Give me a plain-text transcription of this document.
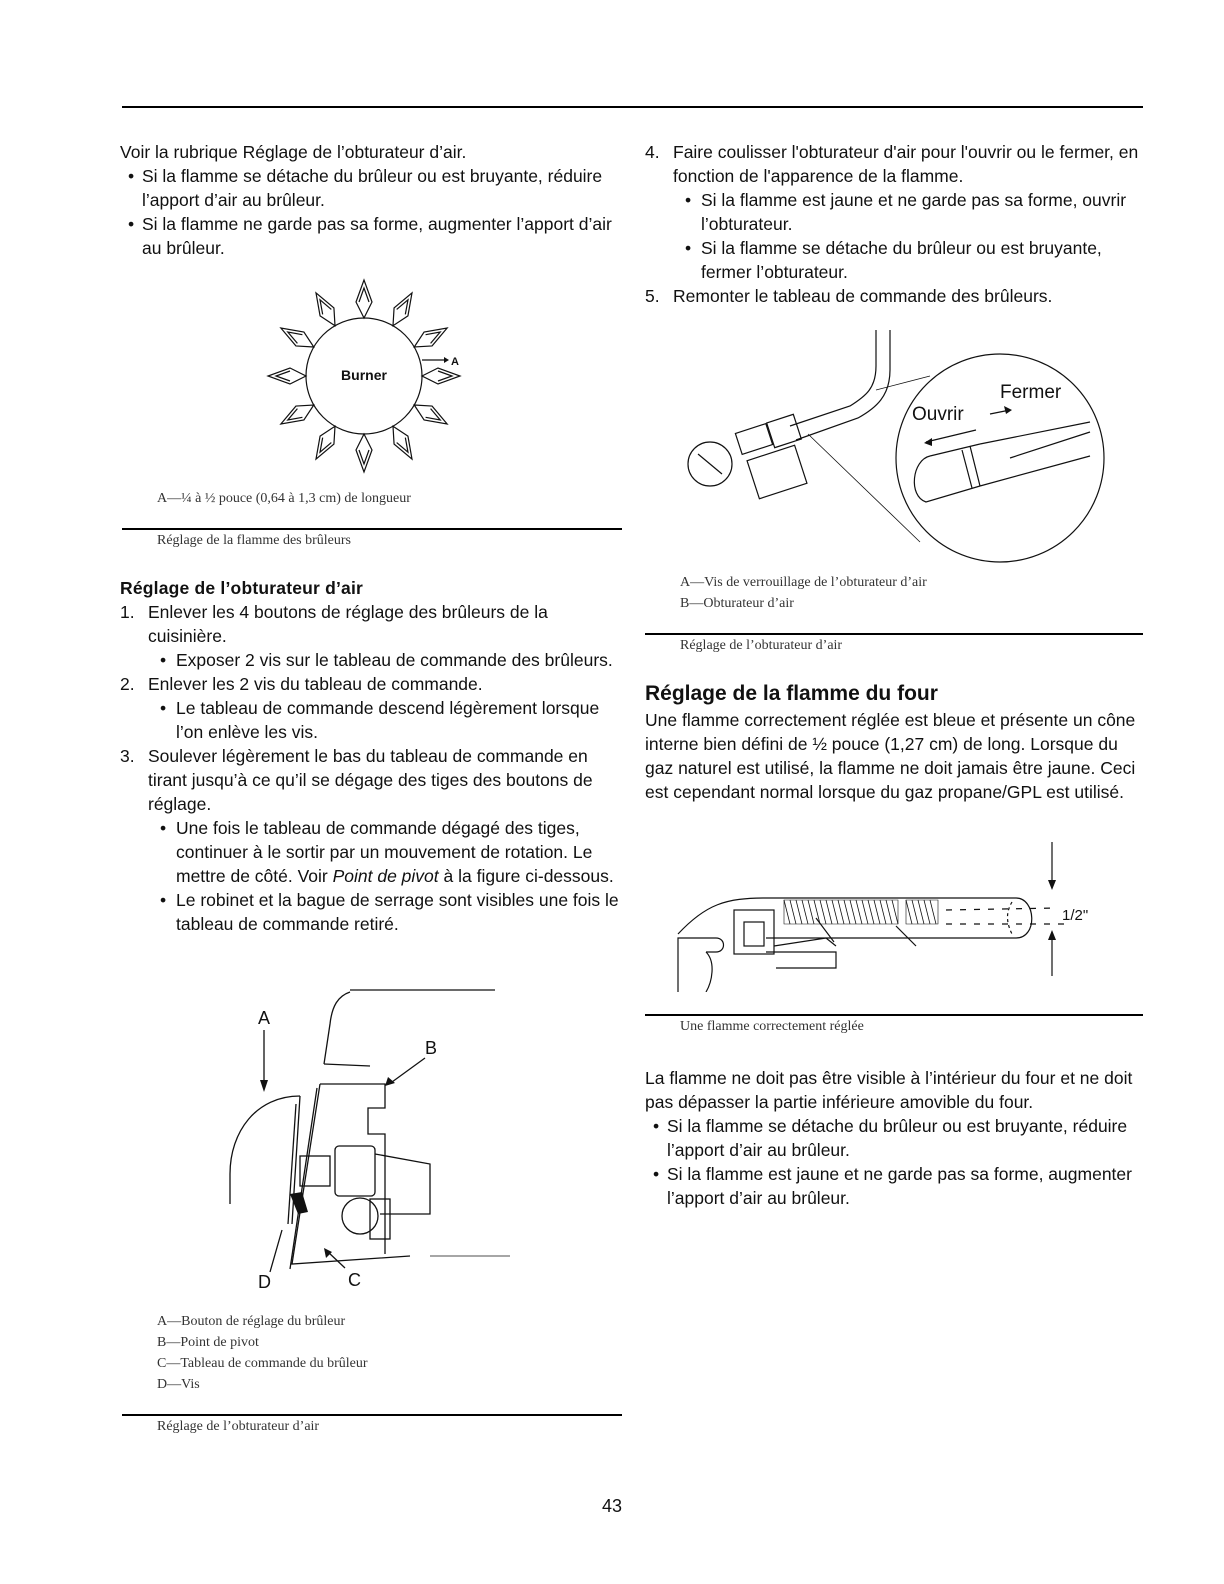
Voir la rubrique Réglage de l’obturateur d’air.

• Si la flamme se détache du brûleur ou est bruyante, réduire l’apport d’air au brûleur.
• Si la flamme ne garde pas sa forme, augmenter l’apport d’air au brûleur.
Burner
A
A—¼ à ½ pouce (0,64 à 1,3 cm) de longueur
Réglage de la flamme des brûleurs
Réglage de l’obturateur d’air
1. Enlever les 4 boutons de réglage des brûleurs de la cuisinière.
• Exposer 2 vis sur le tableau de commande des brûleurs.
2. Enlever les 2 vis du tableau de commande.
• Le tableau de commande descend légèrement lorsque l’on enlève les vis.
3. Soulever légèrement le bas du tableau de commande en tirant jusqu’à ce qu’il se dégage des tiges des boutons de réglage.
• Une fois le tableau de commande dégagé des tiges, continuer à le sortir par un mouvement de rotation. Le mettre de côté. Voir Point de pivot à la figure ci-dessous.
• Le robinet et la bague de serrage sont visibles une fois le tableau de commande retiré.
A
B
C
D
A—Bouton de réglage du brûleur
B—Point de pivot
C—Tableau de commande du brûleur
D—Vis
Réglage de l’obturateur d’air
4. Faire coulisser l'obturateur d'air pour l'ouvrir ou le fermer, en fonction de l'apparence de la flamme.
• Si la flamme est jaune et ne garde pas sa forme, ouvrir l’obturateur.
• Si la flamme se détache du brûleur ou est bruyante, fermer l’obturateur.
5. Remonter le tableau de commande des brûleurs.
Fermer
Ouvrir
A—Vis de verrouillage de l’obturateur d’air
B—Obturateur d’air
Réglage de l’obturateur d’air
Réglage de la flamme du four

Une flamme correctement réglée est bleue et présente un cône interne bien défini de ½ pouce (1,27 cm) de long. Lorsque du gaz naturel est utilisé, la flamme ne doit jamais être jaune. Ceci est cependant normal lorsque du gaz propane/GPL est utilisé.

1/2"
Une flamme correctement réglée

La flamme ne doit pas être visible à l’intérieur du four et ne doit pas dépasser la partie inférieure amovible du four.

• Si la flamme se détache du brûleur ou est bruyante, réduire l’apport d’air au brûleur.
• Si la flamme est jaune et ne garde pas sa forme, augmenter l’apport d’air au brûleur.
43
